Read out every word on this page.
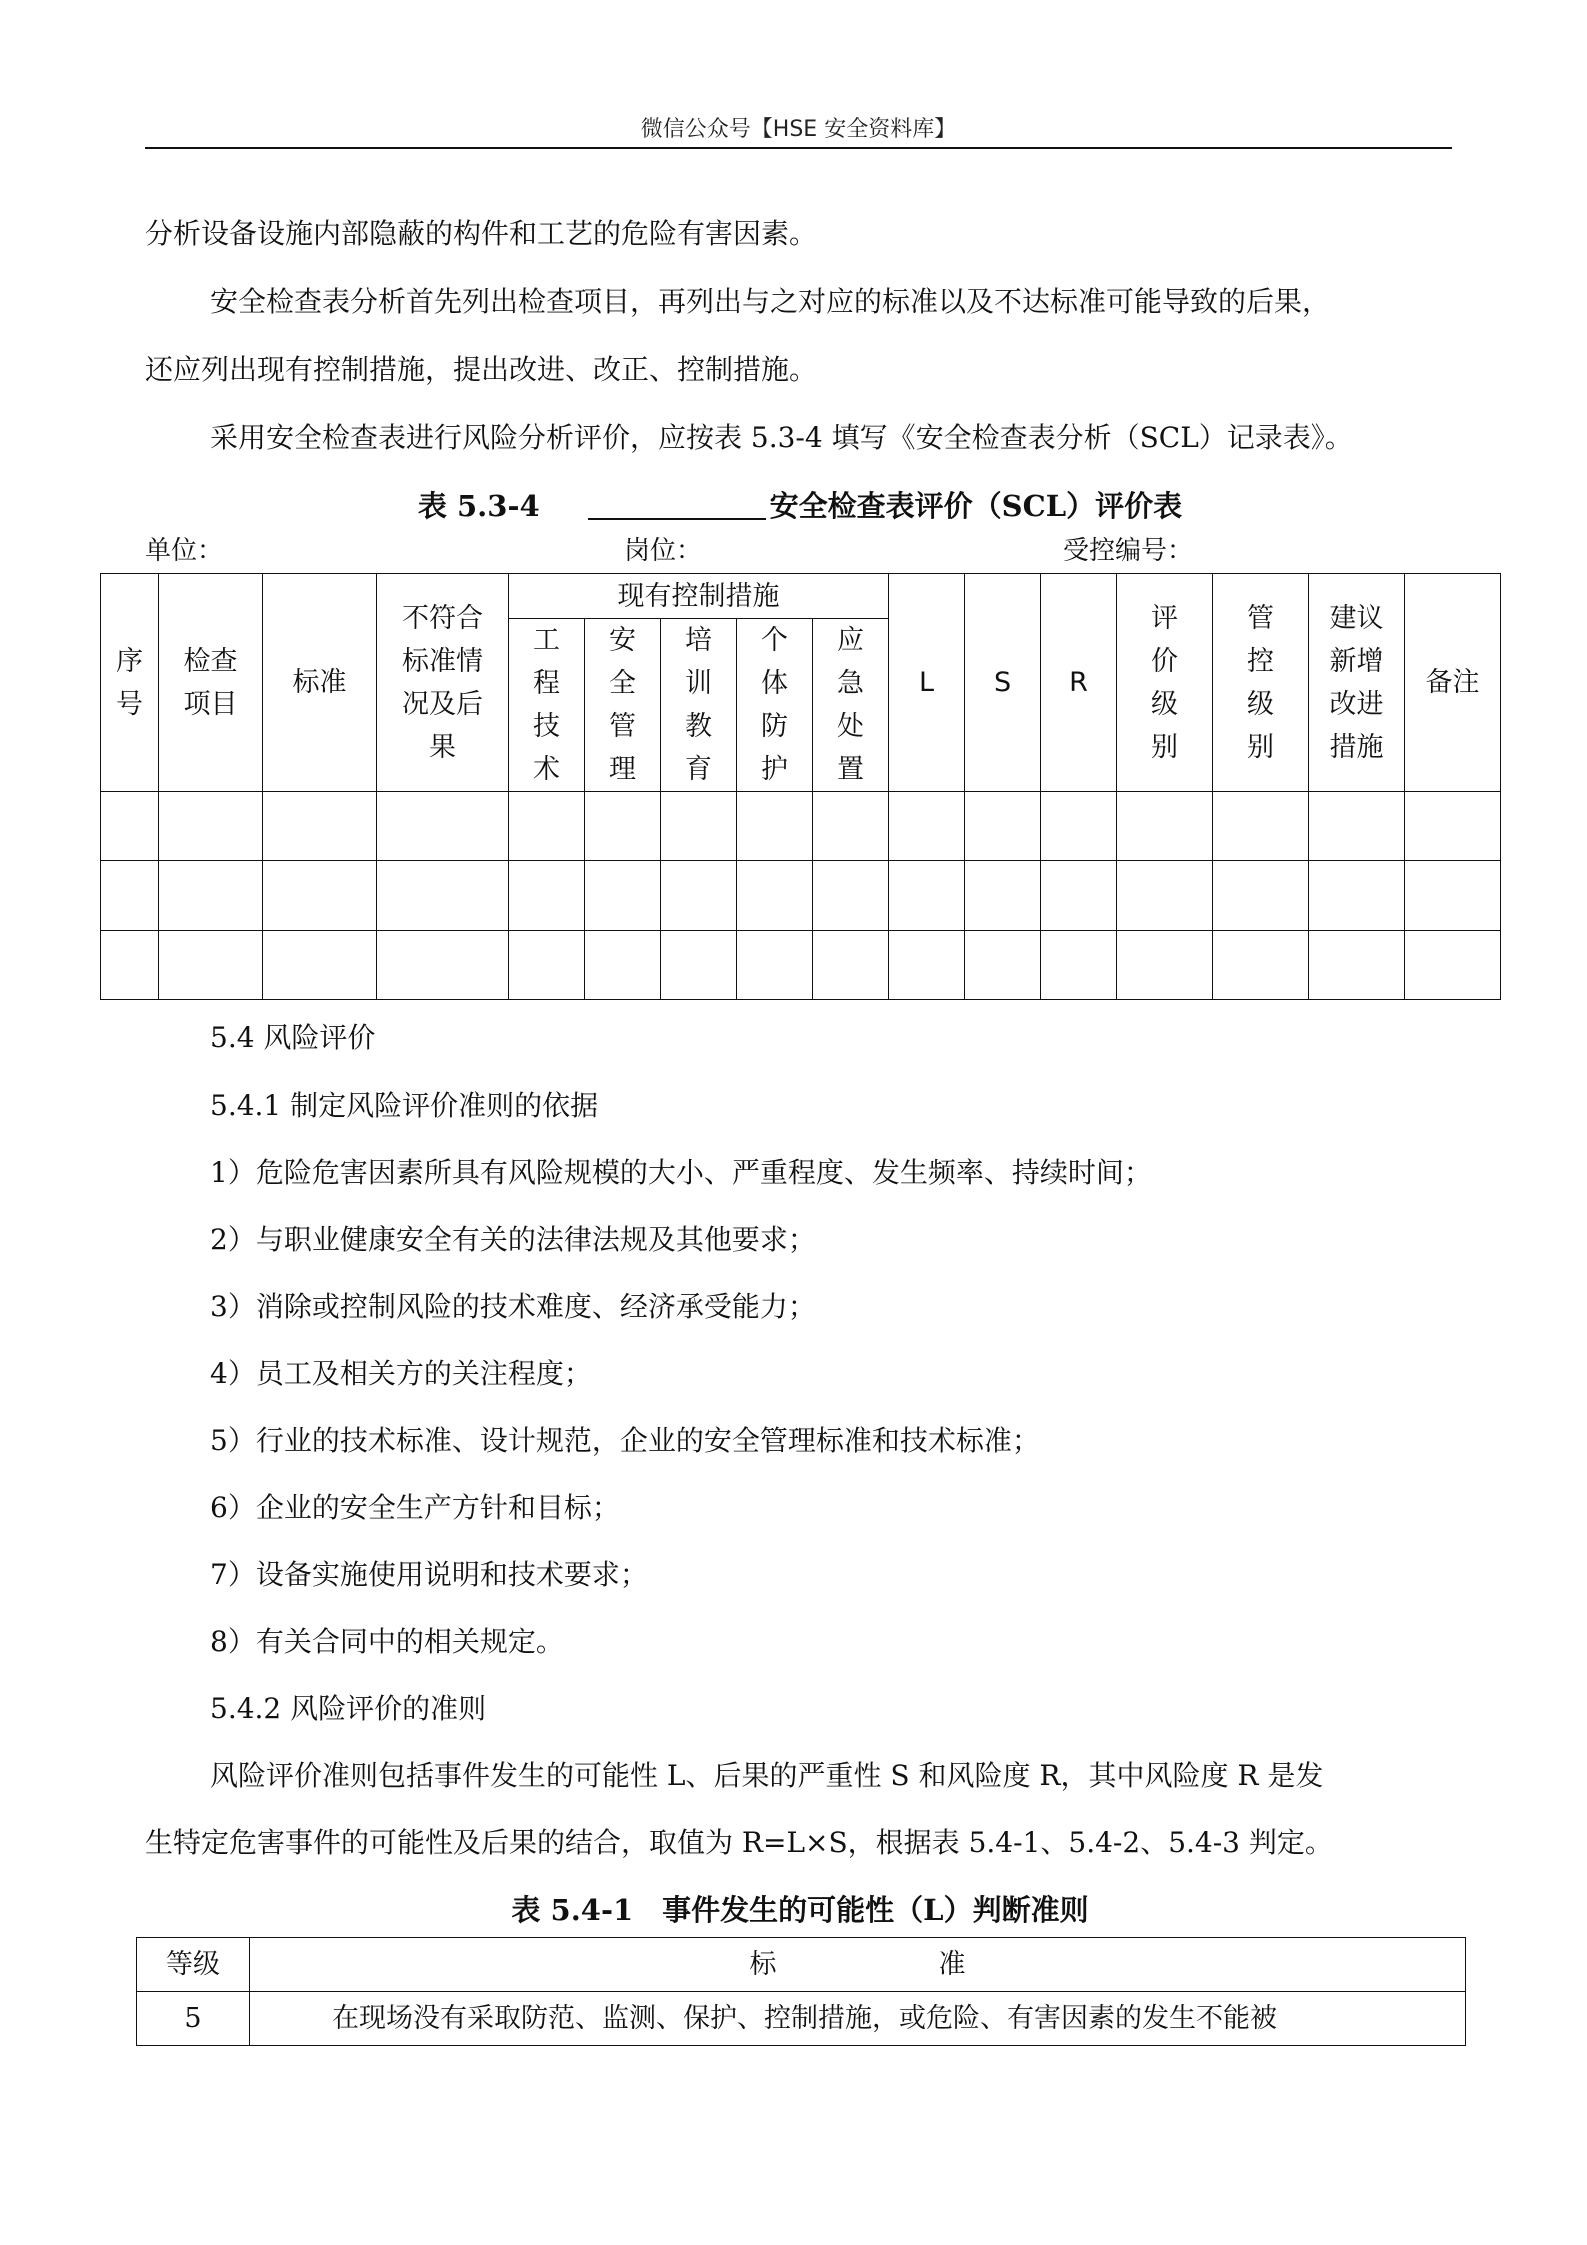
微信公众号【HSE 安全资料库】
分析设备设施内部隐蔽的构件和工艺的危险有害因素。
安全检查表分析首先列出检查项目，再列出与之对应的标准以及不达标准可能导致的后果，
还应列出现有控制措施，提出改进、改正、控制措施。
采用安全检查表进行风险分析评价，应按表 5.3-4 填写《安全检查表分析（SCL）记录表》。
表 5.3-4	安全检查表评价（SCL）评价表
单位：	岗位：	受控编号：
序号	检查项目	标准	不符合标准情况及后果	现有控制措施					L	S	R	评价级别	管控级别	建议新增改进措施	备注

				工程技术	安全管理	培训教育	个体防护	应急处置							

5.4 风险评价
5.4.1 制定风险评价准则的依据
1）危险危害因素所具有风险规模的大小、严重程度、发生频率、持续时间；
2）与职业健康安全有关的法律法规及其他要求；
3）消除或控制风险的技术难度、经济承受能力；
4）员工及相关方的关注程度；
5）行业的技术标准、设计规范，企业的安全管理标准和技术标准；
6）企业的安全生产方针和目标；
7）设备实施使用说明和技术要求；
8）有关合同中的相关规定。
5.4.2 风险评价的准则
风险评价准则包括事件发生的可能性 L、后果的严重性 S 和风险度 R，其中风险度 R 是发
生特定危害事件的可能性及后果的结合，取值为 R=L×S，根据表 5.4-1、5.4-2、5.4-3 判定。
表 5.4-1　事件发生的可能性（L）判断准则
等级	标　　　　　　准
5	在现场没有采取防范、监测、保护、控制措施，或危险、有害因素的发生不能被
